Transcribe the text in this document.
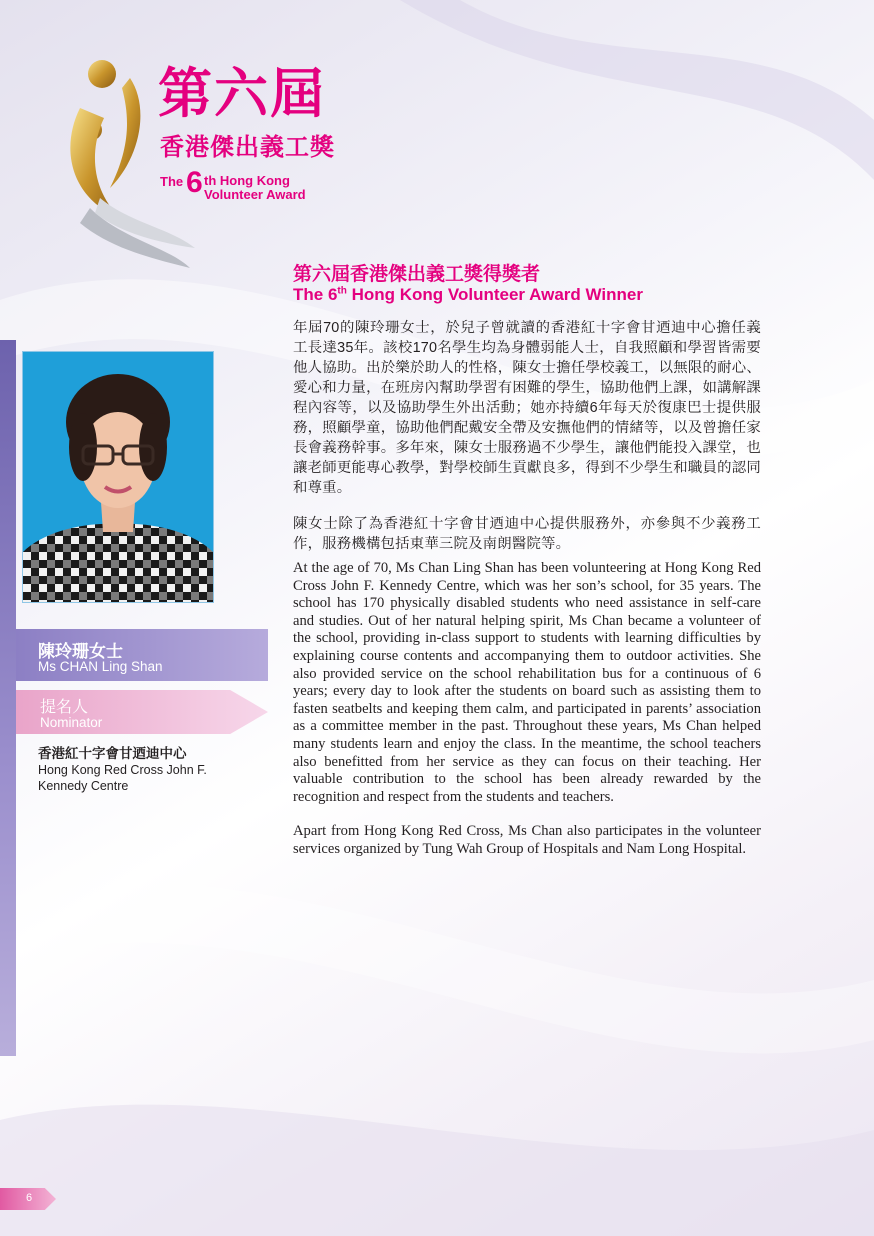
第六屆
香港傑出義工獎
The 6 th Hong Kong
Volunteer Award
第六屆香港傑出義工獎得獎者
The 6th Hong Kong Volunteer Award Winner

年屆70的陳玲珊女士，於兒子曾就讀的香港紅十字會甘迺迪中心擔任義工長達35年。該校170名學生均為身體弱能人士，自我照顧和學習皆需要他人協助。出於樂於助人的性格，陳女士擔任學校義工，以無限的耐心、愛心和力量，在班房內幫助學習有困難的學生，協助他們上課，如講解課程內容等，以及協助學生外出活動；她亦持續6年每天於復康巴士提供服務，照顧學童，協助他們配戴安全帶及安撫他們的情緒等，以及曾擔任家長會義務幹事。多年來，陳女士服務過不少學生，讓他們能投入課堂，也讓老師更能專心教學，對學校師生貢獻良多，得到不少學生和職員的認同和尊重。

陳女士除了為香港紅十字會甘迺迪中心提供服務外，亦參與不少義務工作，服務機構包括東華三院及南朗醫院等。

At the age of 70, Ms Chan Ling Shan has been volunteering at Hong Kong Red Cross John F. Kennedy Centre, which was her son’s school, for 35 years. The school has 170 physically disabled students who need assistance in self-care and studies. Out of her natural helping spirit, Ms Chan became a volunteer of the school, providing in-class support to students with learning difficulties by explaining course contents and accompanying them to outdoor activities. She also provided service on the school rehabilitation bus for a continuous of 6 years; every day to look after the students on board such as assisting them to fasten seatbelts and keeping them calm, and participated in parents’ association as a committee member in the past. Throughout these years, Ms Chan helped many students learn and enjoy the class. In the meantime, the school teachers also benefitted from her service as they can focus on their teaching. Her valuable contribution to the school has been already rewarded by the recognition and respect from the students and teachers.

Apart from Hong Kong Red Cross, Ms Chan also participates in the volunteer services organized by Tung Wah Group of Hospitals and Nam Long Hospital.

陳玲珊女士
Ms CHAN Ling Shan
提名人
Nominator
香港紅十字會甘迺迪中心
Hong Kong Red Cross John F. Kennedy Centre
6
